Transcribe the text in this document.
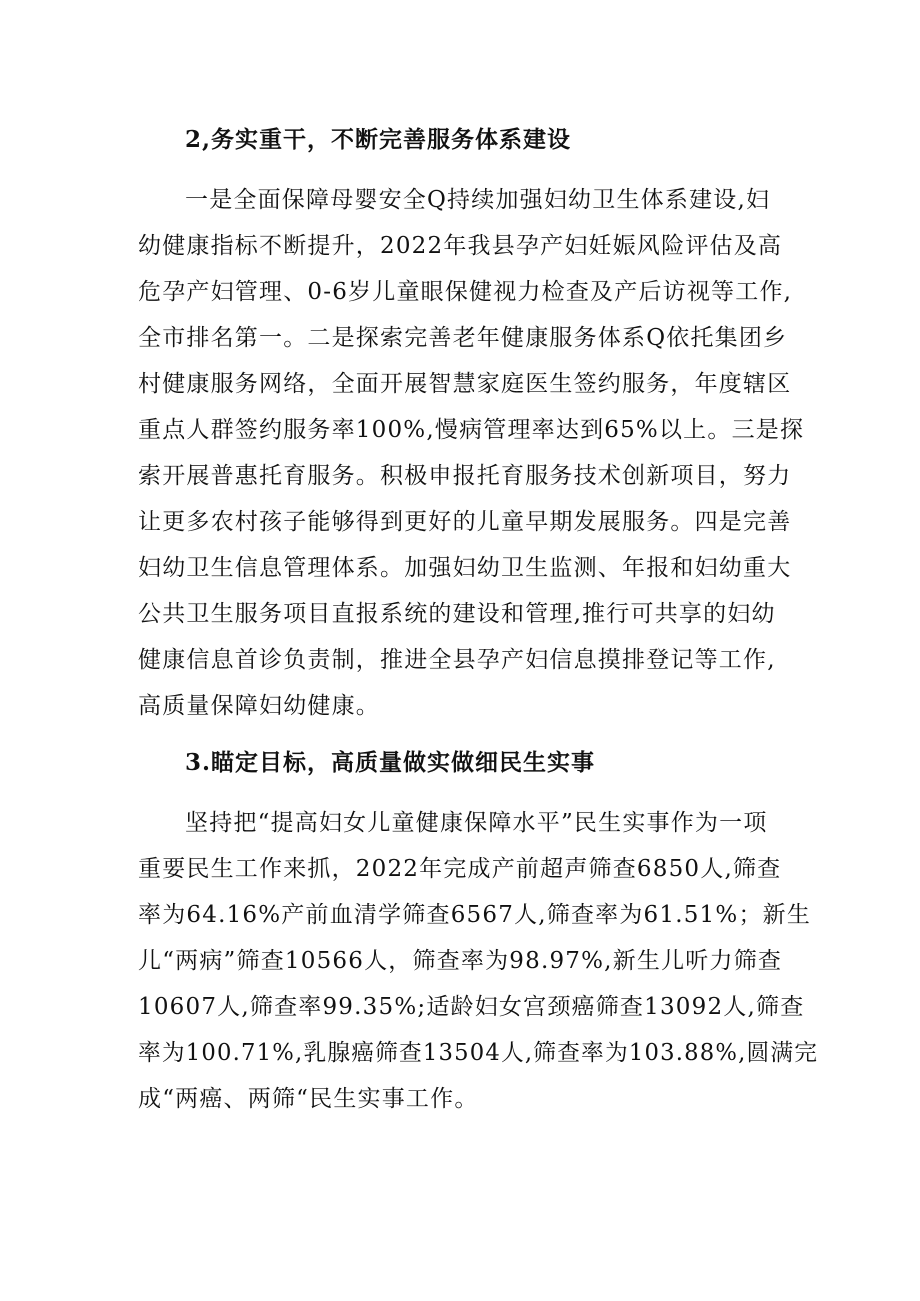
2,务实重干，不断完善服务体系建设
一是全面保障母婴安全Q持续加强妇幼卫生体系建设,妇
幼健康指标不断提升，2022年我县孕产妇妊娠风险评估及高
危孕产妇管理、0-6岁儿童眼保健视力检查及产后访视等工作,
全市排名第一。二是探索完善老年健康服务体系Q依托集团乡
村健康服务网络，全面开展智慧家庭医生签约服务，年度辖区
重点人群签约服务率100%,慢病管理率达到65%以上。三是探
索开展普惠托育服务。积极申报托育服务技术创新项目，努力
让更多农村孩子能够得到更好的儿童早期发展服务。四是完善
妇幼卫生信息管理体系。加强妇幼卫生监测、年报和妇幼重大
公共卫生服务项目直报系统的建设和管理,推行可共享的妇幼
健康信息首诊负责制，推进全县孕产妇信息摸排登记等工作,
高质量保障妇幼健康。
3.瞄定目标，高质量做实做细民生实事
坚持把“提高妇女儿童健康保障水平”民生实事作为一项
重要民生工作来抓，2022年完成产前超声筛查6850人,筛查
率为64.16%产前血清学筛查6567人,筛查率为61.51%；新生
儿“两病”筛查10566人，筛查率为98.97%,新生儿听力筛查
10607人,筛查率99.35%;适龄妇女宫颈癌筛查13092人,筛查
率为100.71%,乳腺癌筛查13504人,筛查率为103.88%,圆满完
成“两癌、两筛“民生实事工作。
